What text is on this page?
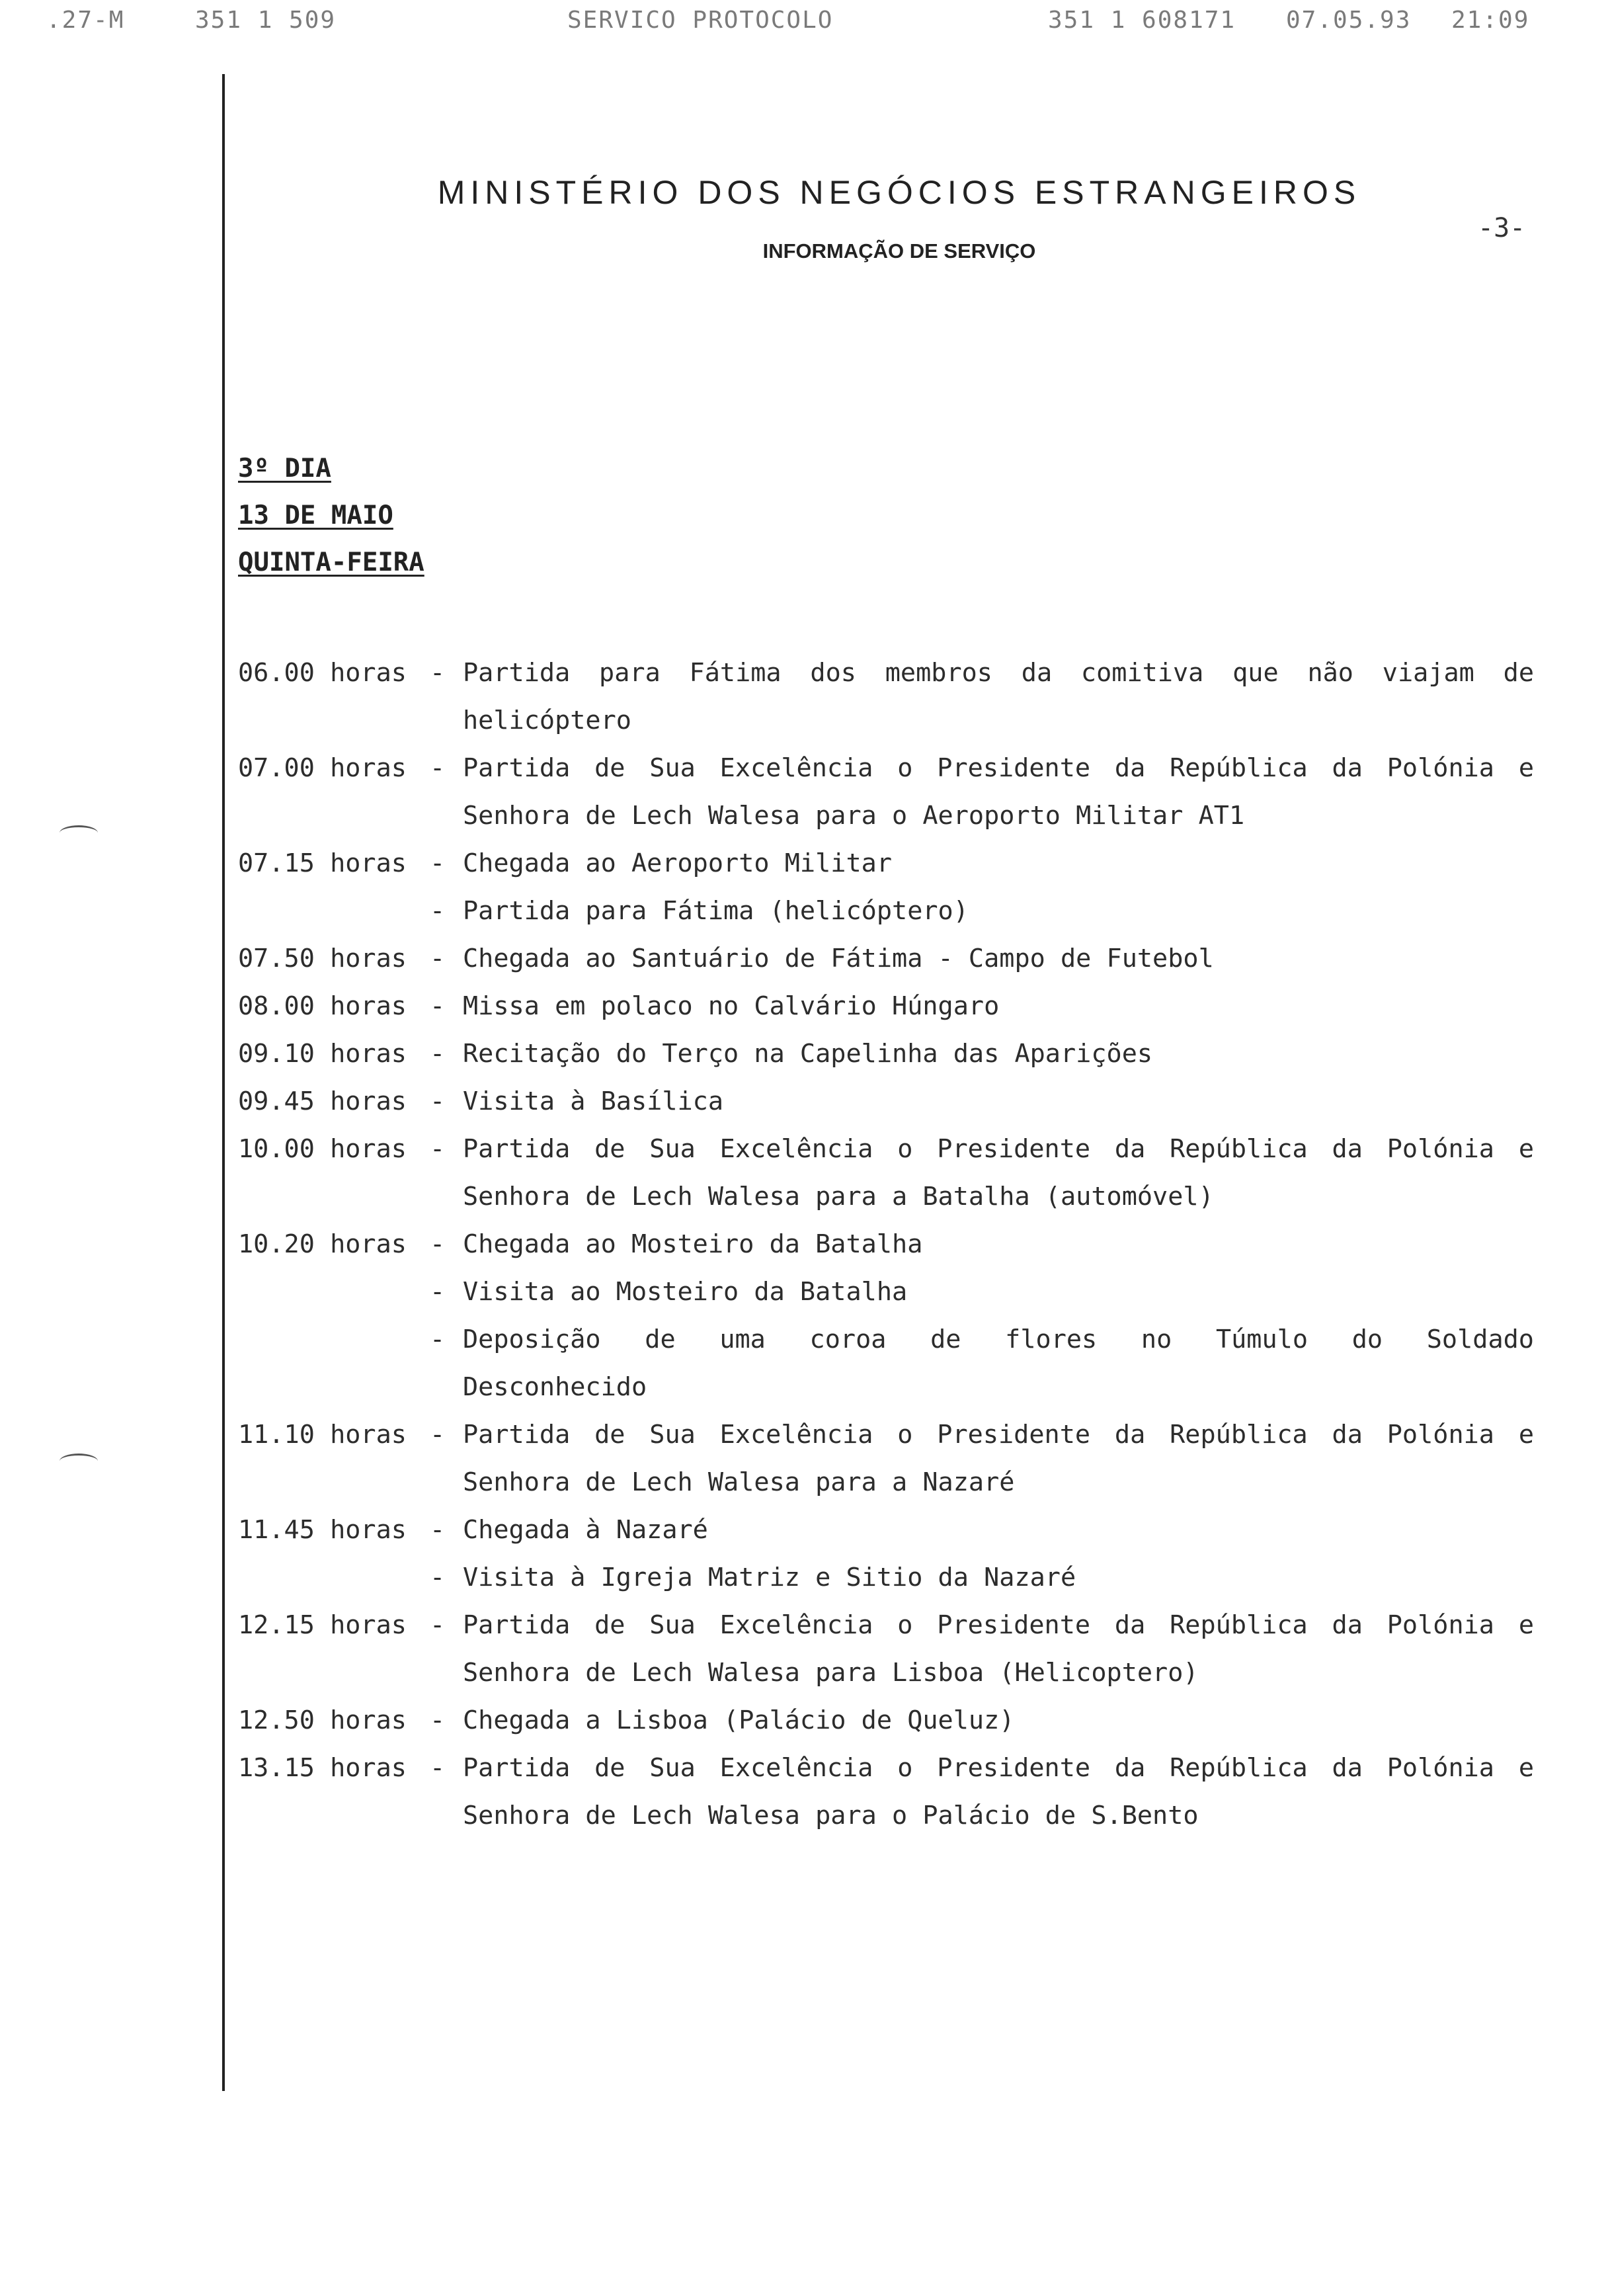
.27-M	351 1 509	SERVICO PROTOCOLO	351 1 608171 07.05.93 21:09
MINISTÉRIO DOS NEGÓCIOS ESTRANGEIROS
INFORMAÇÃO DE SERVIÇO
-3-
3º DIA
13 DE MAIO
QUINTA-FEIRA
06.00 horas - Partida para Fátima dos membros da comitiva que não viajam de
helicóptero
07.00 horas - Partida de Sua Excelência o Presidente da República da Polónia e
Senhora de Lech Walesa para o Aeroporto Militar AT1
07.15 horas - Chegada ao Aeroporto Militar
- Partida para Fátima (helicóptero)
07.50 horas - Chegada ao Santuário de Fátima - Campo de Futebol
08.00 horas - Missa em polaco no Calvário Húngaro
09.10 horas - Recitação do Terço na Capelinha das Aparições
09.45 horas - Visita à Basílica
10.00 horas - Partida de Sua Excelência o Presidente da República da Polónia e
Senhora de Lech Walesa para a Batalha (automóvel)
10.20 horas - Chegada ao Mosteiro da Batalha
- Visita ao Mosteiro da Batalha
- Deposição de uma coroa de flores no Túmulo do Soldado
Desconhecido
11.10 horas - Partida de Sua Excelência o Presidente da República da Polónia e
Senhora de Lech Walesa para a Nazaré
11.45 horas - Chegada à Nazaré
- Visita à Igreja Matriz e Sitio da Nazaré
12.15 horas - Partida de Sua Excelência o Presidente da República da Polónia e
Senhora de Lech Walesa para Lisboa (Helicoptero)
12.50 horas - Chegada a Lisboa (Palácio de Queluz)
13.15 horas - Partida de Sua Excelência o Presidente da República da Polónia e
Senhora de Lech Walesa para o Palácio de S.Bento
